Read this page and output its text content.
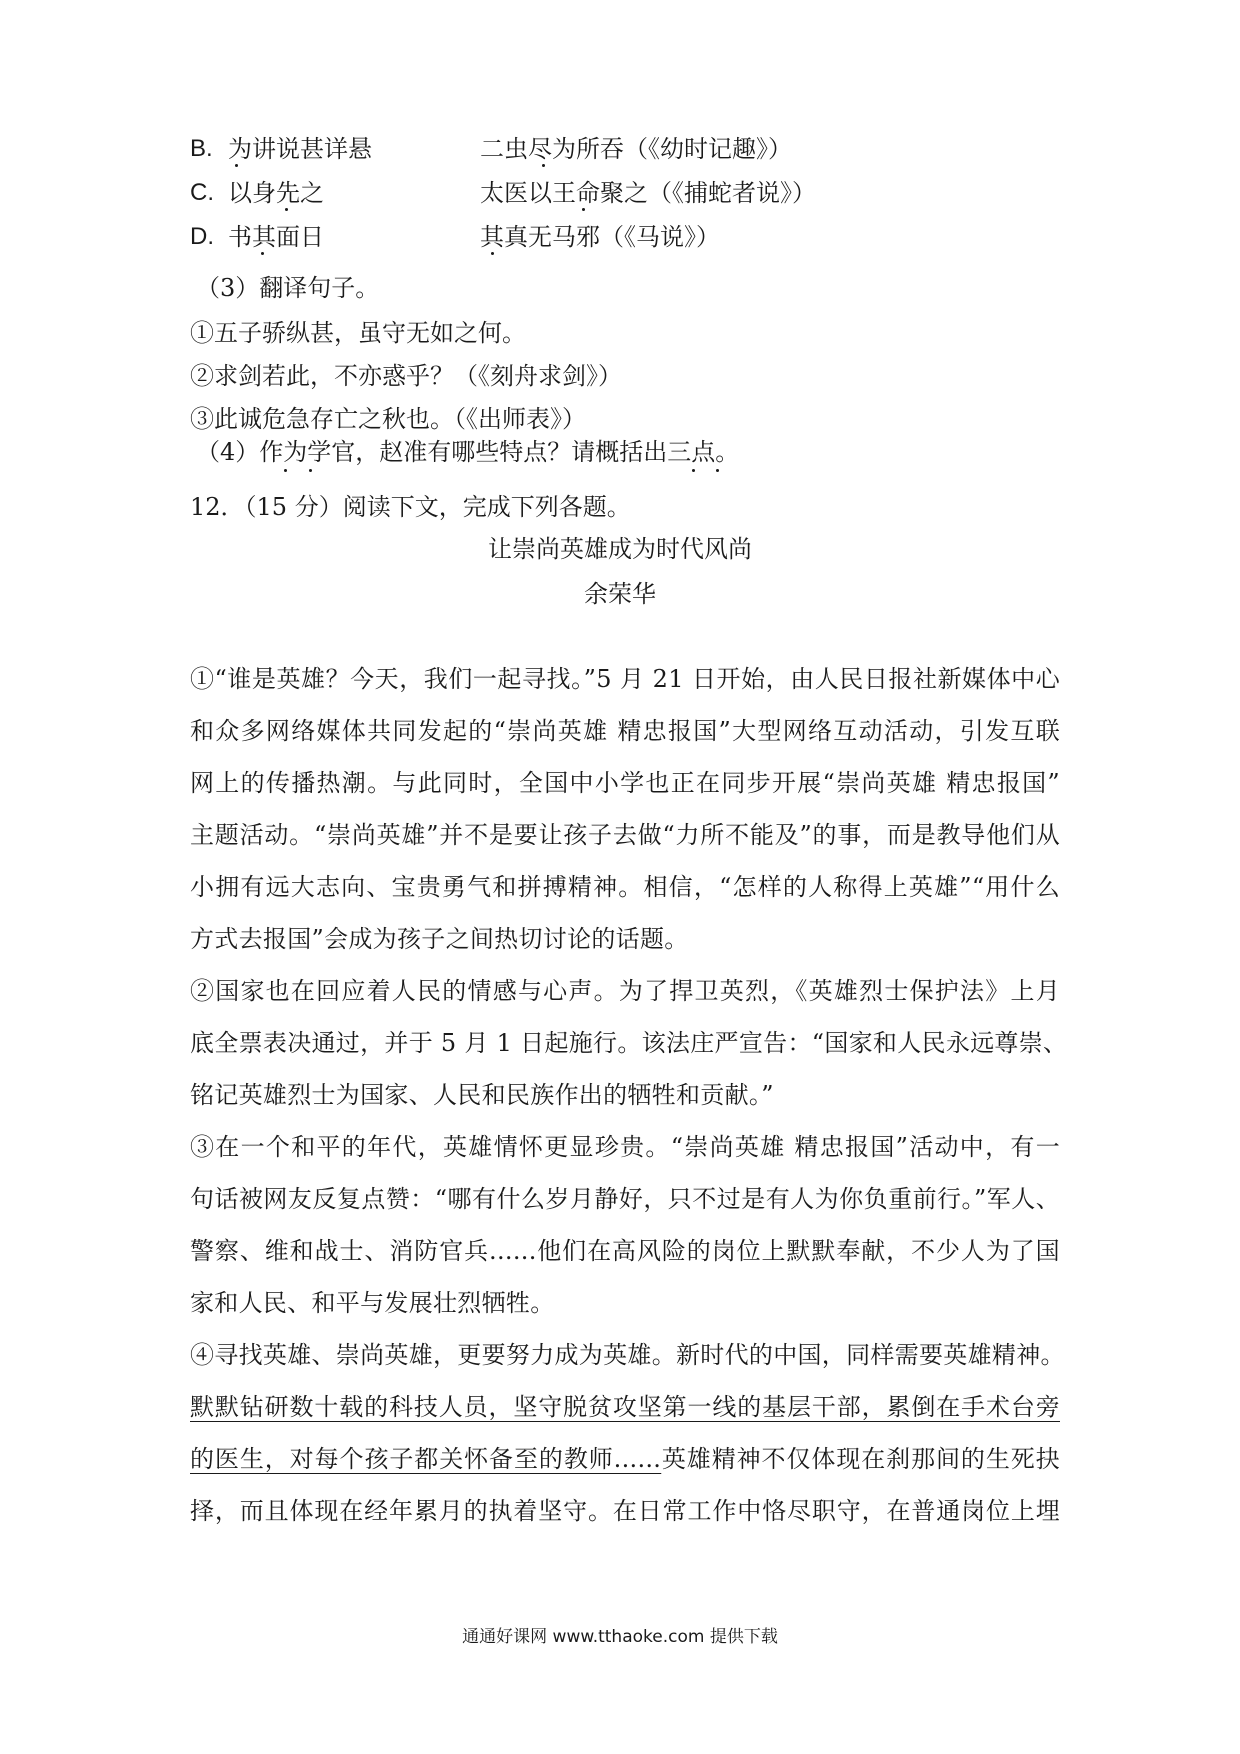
B. 为讲说甚详悬	二虫尽为所吞（《幼时记趣》）
C. 以身先之	太医以王命聚之（《捕蛇者说》）
D. 书其面日	其真无马邪（《马说》）
（3）翻译句子。
①五子骄纵甚，虽守无如之何。
②求剑若此，不亦惑乎？（《刻舟求剑》）
③此诚危急存亡之秋也。（《出师表》）
（4）作为学官，赵准有哪些特点？请概括出三点。
12．（15 分）阅读下文，完成下列各题。
让崇尚英雄成为时代风尚
余荣华
①“谁是英雄？今天，我们一起寻找。”5 月 21 日开始，由人民日报社新媒体中心
和众多网络媒体共同发起的“崇尚英雄 精忠报国”大型网络互动活动，引发互联
网上的传播热潮。与此同时，全国中小学也正在同步开展“崇尚英雄 精忠报国”
主题活动。“崇尚英雄”并不是要让孩子去做“力所不能及”的事，而是教导他们从
小拥有远大志向、宝贵勇气和拼搏精神。相信，“怎样的人称得上英雄”“用什么
方式去报国”会成为孩子之间热切讨论的话题。
②国家也在回应着人民的情感与心声。为了捍卫英烈，《英雄烈士保护法》上月
底全票表决通过，并于 5 月 1 日起施行。该法庄严宣告：“国家和人民永远尊崇、
铭记英雄烈士为国家、人民和民族作出的牺牲和贡献。”
③在一个和平的年代，英雄情怀更显珍贵。“崇尚英雄 精忠报国”活动中，有一
句话被网友反复点赞：“哪有什么岁月静好，只不过是有人为你负重前行。”军人、
警察、维和战士、消防官兵......他们在高风险的岗位上默默奉献，不少人为了国
家和人民、和平与发展壮烈牺牲。
④寻找英雄、崇尚英雄，更要努力成为英雄。新时代的中国，同样需要英雄精神。
默默钻研数十载的科技人员，坚守脱贫攻坚第一线的基层干部，累倒在手术台旁
的医生，对每个孩子都关怀备至的教师......英雄精神不仅体现在刹那间的生死抉
择，而且体现在经年累月的执着坚守。在日常工作中恪尽职守，在普通岗位上埋
通通好课网 www.tthaoke.com 提供下载
